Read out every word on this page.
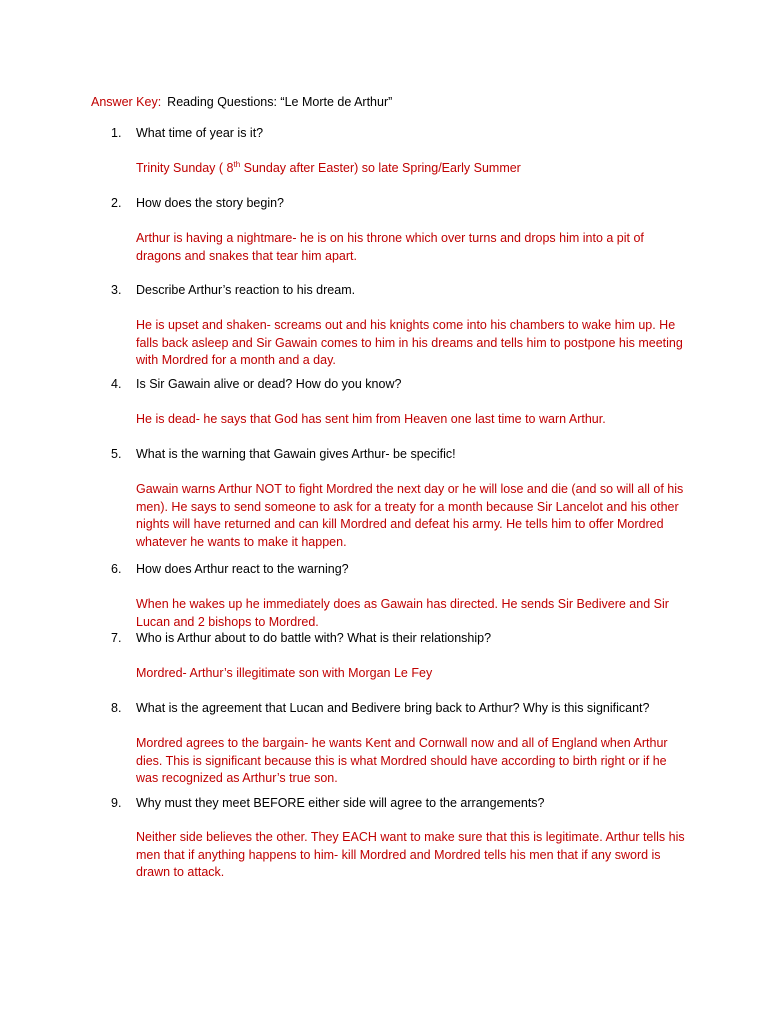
Answer Key: Reading Questions: “Le Morte de Arthur”
1. What time of year is it?
Trinity Sunday ( 8th Sunday after Easter) so late Spring/Early Summer
2. How does the story begin?
Arthur is having a nightmare- he is on his throne which over turns and drops him into a pit of dragons and snakes that tear him apart.
3. Describe Arthur’s reaction to his dream.
He is upset and shaken- screams out and his knights come into his chambers to wake him up. He falls back asleep and Sir Gawain comes to him in his dreams and tells him to postpone his meeting with Mordred for a month and a day.
4. Is Sir Gawain alive or dead? How do you know?
He is dead- he says that God has sent him from Heaven one last time to warn Arthur.
5. What is the warning that Gawain gives Arthur- be specific!
Gawain warns Arthur NOT to fight Mordred the next day or he will lose and die (and so will all of his men). He says to send someone to ask for a treaty for a month because Sir Lancelot and his other nights will have returned and can kill Mordred and defeat his army. He tells him to offer Mordred whatever he wants to make it happen.
6. How does Arthur react to the warning?
When he wakes up he immediately does as Gawain has directed. He sends Sir Bedivere and Sir Lucan and 2 bishops to Mordred.
7. Who is Arthur about to do battle with? What is their relationship?
Mordred- Arthur’s illegitimate son with Morgan Le Fey
8. What is the agreement that Lucan and Bedivere bring back to Arthur? Why is this significant?
Mordred agrees to the bargain- he wants Kent and Cornwall now and all of England when Arthur dies. This is significant because this is what Mordred should have according to birth right or if he was recognized as Arthur’s true son.
9. Why must they meet BEFORE either side will agree to the arrangements?
Neither side believes the other. They EACH want to make sure that this is legitimate. Arthur tells his men that if anything happens to him- kill Mordred and Mordred tells his men that if any sword is drawn to attack.
